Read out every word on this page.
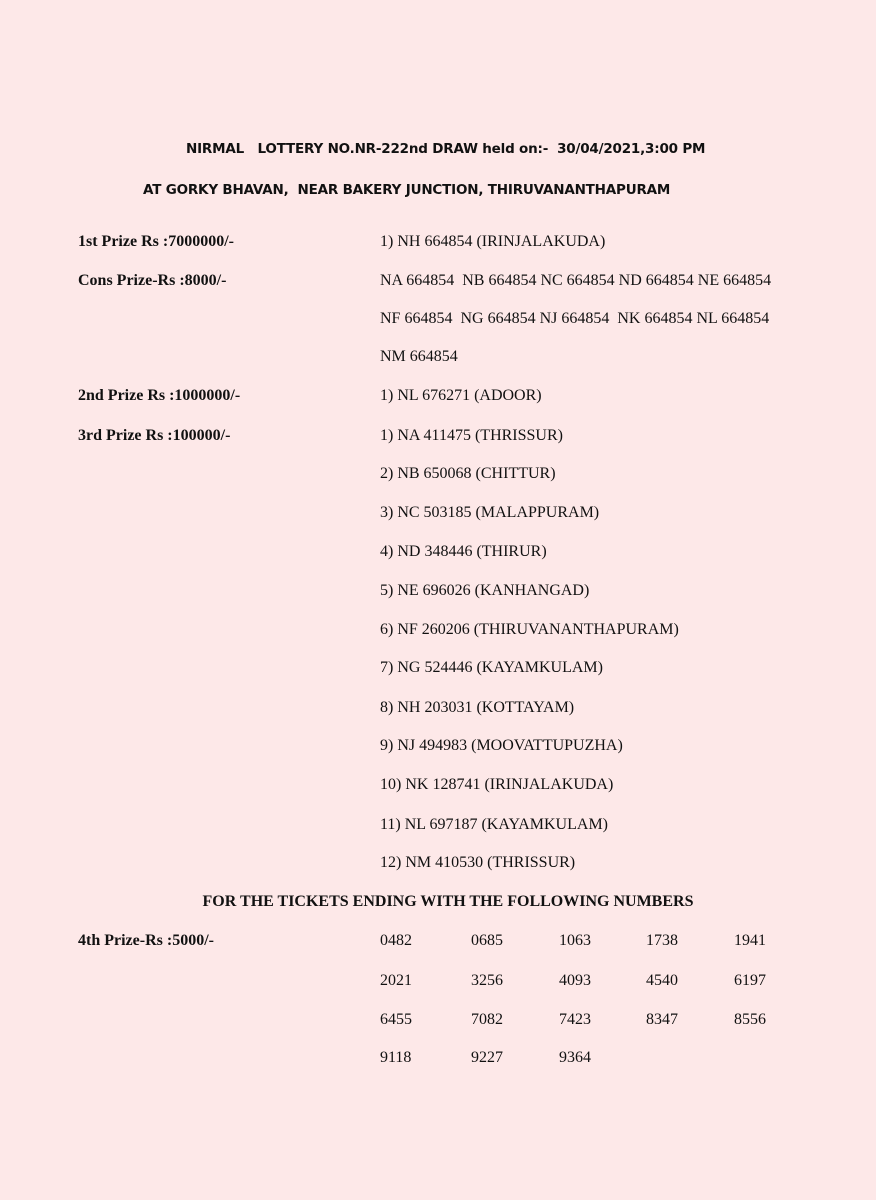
NIRMAL   LOTTERY NO.NR-222nd DRAW held on:-  30/04/2021,3:00 PM
AT GORKY BHAVAN,  NEAR BAKERY JUNCTION, THIRUVANANTHAPURAM
1st Prize Rs :7000000/-	1) NH 664854 (IRINJALAKUDA)
Cons Prize-Rs :8000/-	NA 664854  NB 664854 NC 664854 ND 664854 NE 664854
NF 664854  NG 664854 NJ 664854  NK 664854 NL 664854
NM 664854
2nd Prize Rs :1000000/-	1) NL 676271 (ADOOR)
3rd Prize Rs :100000/-	1) NA 411475 (THRISSUR)
2) NB 650068 (CHITTUR)
3) NC 503185 (MALAPPURAM)
4) ND 348446 (THIRUR)
5) NE 696026 (KANHANGAD)
6) NF 260206 (THIRUVANANTHAPURAM)
7) NG 524446 (KAYAMKULAM)
8) NH 203031 (KOTTAYAM)
9) NJ 494983 (MOOVATTUPUZHA)
10) NK 128741 (IRINJALAKUDA)
11) NL 697187 (KAYAMKULAM)
12) NM 410530 (THRISSUR)
FOR THE TICKETS ENDING WITH THE FOLLOWING NUMBERS
4th Prize-Rs :5000/-	0482	0685	1063	1738	1941
2021	3256	4093	4540	6197
6455	7082	7423	8347	8556
9118	9227	9364
